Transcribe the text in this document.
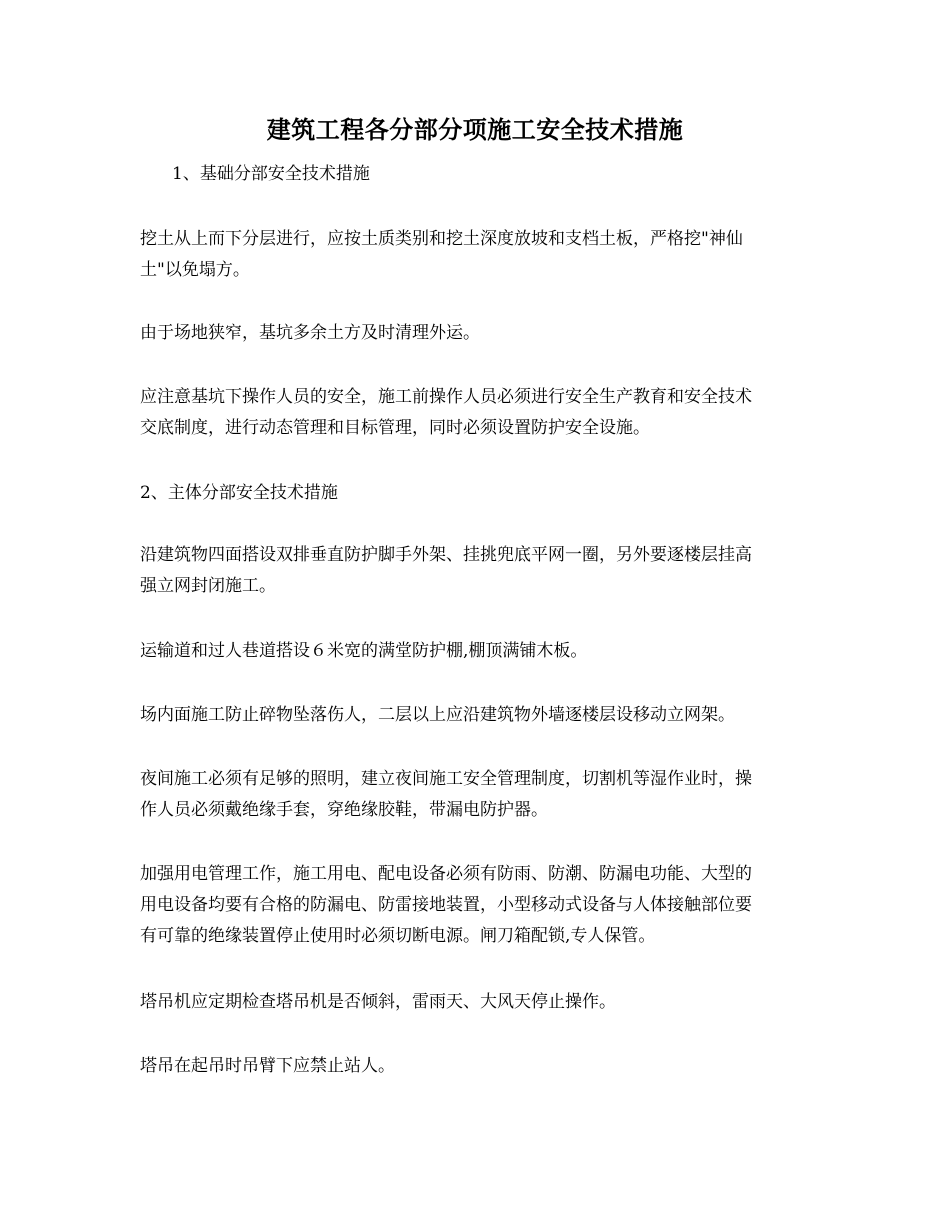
建筑工程各分部分项施工安全技术措施

1、基础分部安全技术措施

挖土从上而下分层进行，应按土质类别和挖土深度放坡和支档土板，严格挖"神仙
土"以免塌方。

由于场地狭窄，基坑多余土方及时清理外运。

应注意基坑下操作人员的安全，施工前操作人员必须进行安全生产教育和安全技术
交底制度，进行动态管理和目标管理，同时必须设置防护安全设施。

2、主体分部安全技术措施

沿建筑物四面搭设双排垂直防护脚手外架、挂挑兜底平网一圈，另外要逐楼层挂高
强立网封闭施工。

运输道和过人巷道搭设６米宽的满堂防护棚,棚顶满铺木板。

场内面施工防止碎物坠落伤人，二层以上应沿建筑物外墙逐楼层设移动立网架。

夜间施工必须有足够的照明，建立夜间施工安全管理制度，切割机等湿作业时，操
作人员必须戴绝缘手套，穿绝缘胶鞋，带漏电防护器。

加强用电管理工作，施工用电、配电设备必须有防雨、防潮、防漏电功能、大型的
用电设备均要有合格的防漏电、防雷接地装置，小型移动式设备与人体接触部位要
有可靠的绝缘装置停止使用时必须切断电源。闸刀箱配锁,专人保管。

塔吊机应定期检查塔吊机是否倾斜，雷雨天、大风天停止操作。

塔吊在起吊时吊臂下应禁止站人。
